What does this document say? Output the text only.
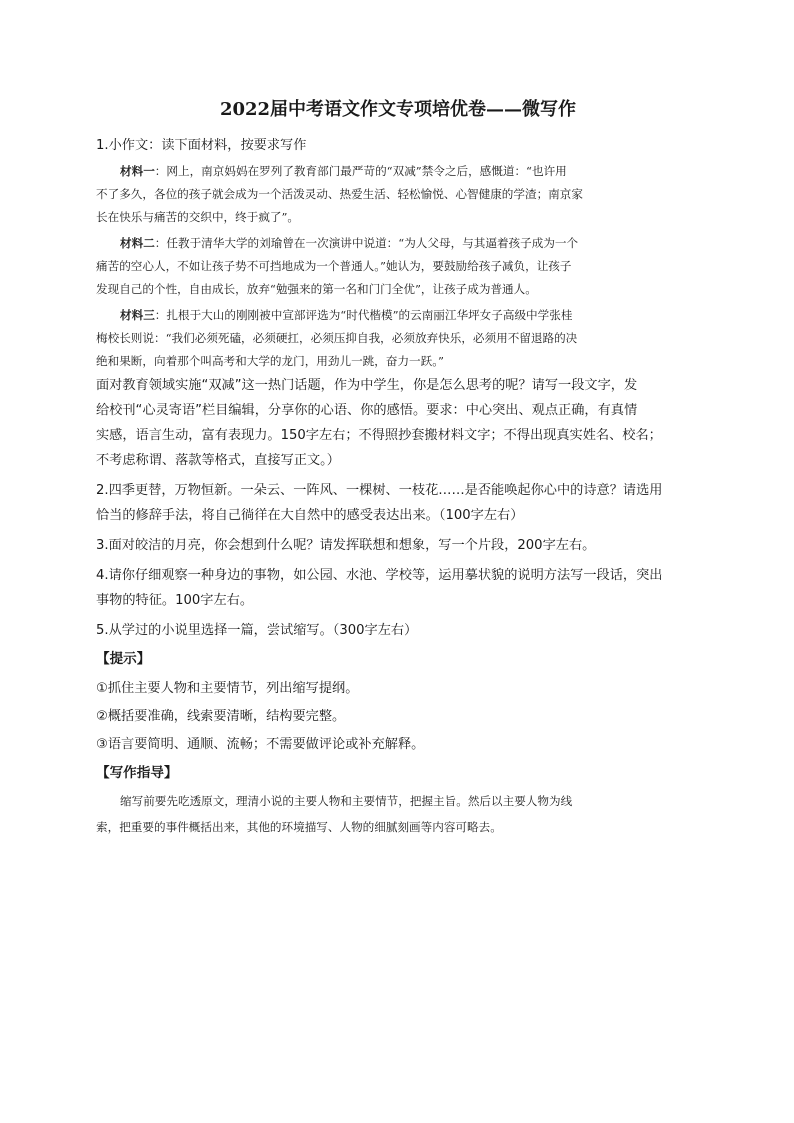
2022届中考语文作文专项培优卷——微写作

1.小作文：读下面材料，按要求写作

材料一：网上，南京妈妈在罗列了教育部门最严苛的“双减”禁令之后，感慨道：“也许用

不了多久，各位的孩子就会成为一个活泼灵动、热爱生活、轻松愉悦、心智健康的学渣；南京家

长在快乐与痛苦的交织中，终于疯了”。

材料二：任教于清华大学的刘瑜曾在一次演讲中说道：“为人父母，与其逼着孩子成为一个

痛苦的空心人，不如让孩子势不可挡地成为一个普通人。”她认为，要鼓励给孩子减负，让孩子

发现自己的个性，自由成长，放弃“勉强来的第一名和门门全优”，让孩子成为普通人。

材料三：扎根于大山的刚刚被中宣部评选为“时代楷模”的云南丽江华坪女子高级中学张桂

梅校长则说：“我们必须死磕，必须硬扛，必须压抑自我，必须放弃快乐，必须用不留退路的决

绝和果断，向着那个叫高考和大学的龙门，用劲儿一跳，奋力一跃。”

面对教育领域实施“双减”这一热门话题，作为中学生，你是怎么思考的呢？请写一段文字，发

给校刊“心灵寄语”栏目编辑，分享你的心语、你的感悟。要求：中心突出、观点正确，有真情

实感，语言生动，富有表现力。150字左右；不得照抄套搬材料文字；不得出现真实姓名、校名；

不考虑称谓、落款等格式，直接写正文。）

2.四季更替，万物恒新。一朵云、一阵风、一棵树、一枝花……是否能唤起你心中的诗意？请选用

恰当的修辞手法，将自己徜徉在大自然中的感受表达出来。（100字左右）

3.面对皎洁的月亮，你会想到什么呢？请发挥联想和想象，写一个片段，200字左右。

4.请你仔细观察一种身边的事物，如公园、水池、学校等，运用摹状貌的说明方法写一段话，突出

事物的特征。100字左右。

5.从学过的小说里选择一篇，尝试缩写。（300字左右）

【提示】

①抓住主要人物和主要情节，列出缩写提纲。

②概括要准确，线索要清晰，结构要完整。

③语言要简明、通顺、流畅；不需要做评论或补充解释。

【写作指导】

缩写前要先吃透原文，理清小说的主要人物和主要情节，把握主旨。然后以主要人物为线

索，把重要的事件概括出来，其他的环境描写、人物的细腻刻画等内容可略去。
